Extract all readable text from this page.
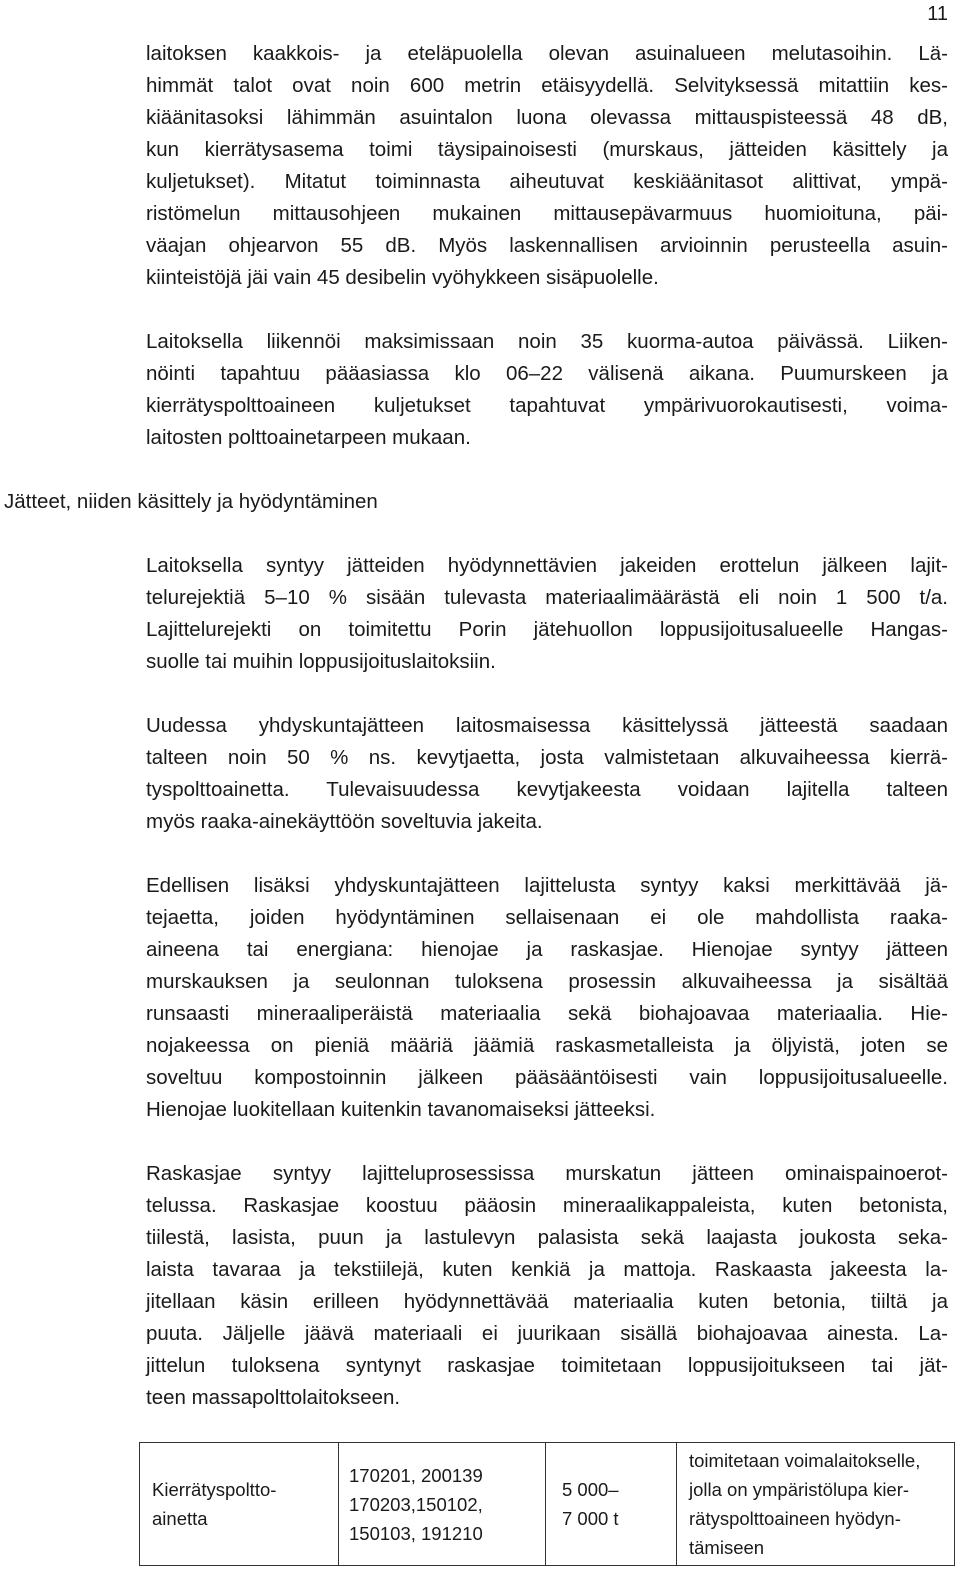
11
laitoksen kaakkois- ja eteläpuolella olevan asuinalueen melutasoihin. Lä-
himmät talot ovat noin 600 metrin etäisyydellä. Selvityksessä mitattiin kes-
kiäänitasoksi lähimmän asuintalon luona olevassa mittauspisteessä 48 dB,
kun kierrätysasema toimi täysipainoisesti (murskaus, jätteiden käsittely ja
kuljetukset). Mitatut toiminnasta aiheutuvat keskiäänitasot alittivat, ympä-
ristömelun mittausohjeen mukainen mittausepävarmuus huomioituna, päi-
väajan ohjearvon 55 dB. Myös laskennallisen arvioinnin perusteella asuin-
kiinteistöjä jäi vain 45 desibelin vyöhykkeen sisäpuolelle.
Laitoksella liikennöi maksimissaan noin 35 kuorma-autoa päivässä. Liiken-
nöinti tapahtuu pääasiassa klo 06–22 välisenä aikana. Puumurskeen ja
kierrätyspolttoaineen kuljetukset tapahtuvat ympärivuorokautisesti, voima-
laitosten polttoainetarpeen mukaan.
Jätteet, niiden käsittely ja hyödyntäminen
Laitoksella syntyy jätteiden hyödynnettävien jakeiden erottelun jälkeen lajit-
telurejektiä 5–10 % sisään tulevasta materiaalimäärästä eli noin 1 500 t/a.
Lajittelurejekti on toimitettu Porin jätehuollon loppusijoitusalueelle Hangas-
suolle tai muihin loppusijoituslaitoksiin.
Uudessa yhdyskuntajätteen laitosmaisessa käsittelyssä jätteestä saadaan
talteen noin 50 % ns. kevytjaetta, josta valmistetaan alkuvaiheessa kierrä-
tyspolttoainetta. Tulevaisuudessa kevytjakeesta voidaan lajitella talteen
myös raaka-ainekäyttöön soveltuvia jakeita.
Edellisen lisäksi yhdyskuntajätteen lajittelusta syntyy kaksi merkittävää jä-
tejaetta, joiden hyödyntäminen sellaisenaan ei ole mahdollista raaka-
aineena tai energiana: hienojae ja raskasjae. Hienojae syntyy jätteen
murskauksen ja seulonnan tuloksena prosessin alkuvaiheessa ja sisältää
runsaasti mineraaliperäistä materiaalia sekä biohajoavaa materiaalia. Hie-
nojakeessa on pieniä määriä jäämiä raskasmetalleista ja öljyistä, joten se
soveltuu kompostoinnin jälkeen pääsääntöisesti vain loppusijoitusalueelle.
Hienojae luokitellaan kuitenkin tavanomaiseksi jätteeksi.
Raskasjae syntyy lajitteluprosessissa murskatun jätteen ominaispainoerot-
telussa. Raskasjae koostuu pääosin mineraalikappaleista, kuten betonista,
tiilestä, lasista, puun ja lastulevyn palasista sekä laajasta joukosta seka-
laista tavaraa ja tekstiilejä, kuten kenkiä ja mattoja. Raskaasta jakeesta la-
jitellaan käsin erilleen hyödynnettävää materiaalia kuten betonia, tiiltä ja
puuta. Jäljelle jäävä materiaali ei juurikaan sisällä biohajoavaa ainesta. La-
jittelun tuloksena syntynyt raskasjae toimitetaan loppusijoitukseen tai jät-
teen massapolttolaitokseen.
Kierrätyspoltto-
ainetta

170201, 200139
170203,150102,
150103, 191210

5 000–
7 000 t

toimitetaan voimalaitokselle,
jolla on ympäristölupa kier-
rätyspolttoaineen hyödyn-
tämiseen
